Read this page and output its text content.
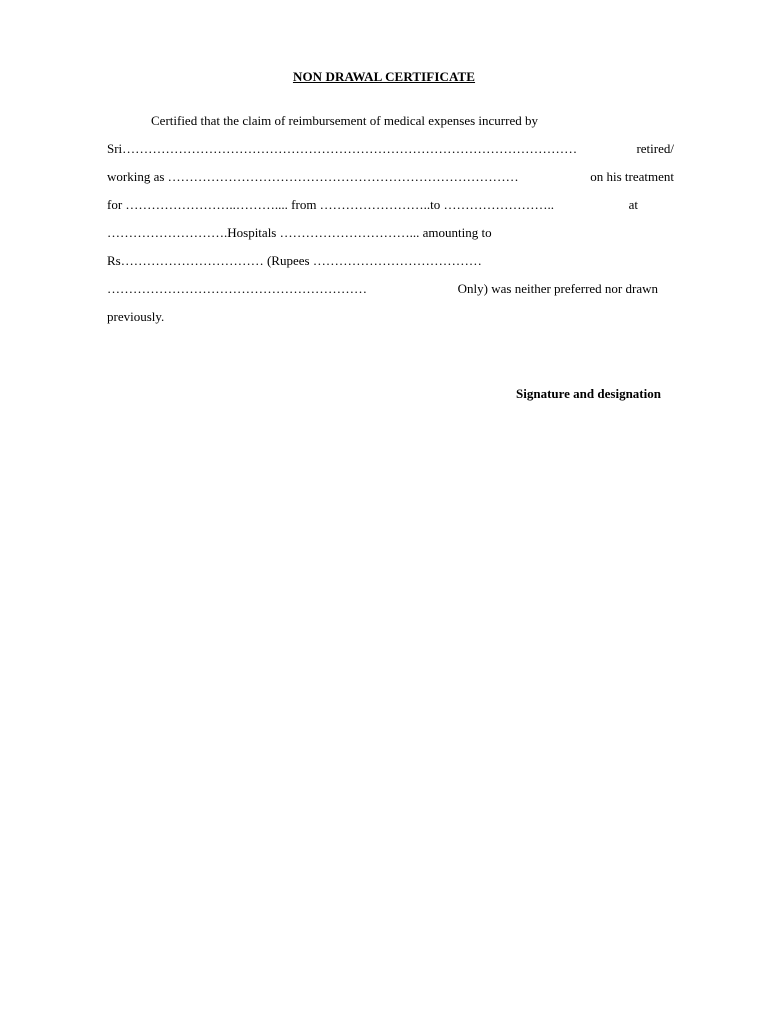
NON DRAWAL CERTIFICATE
Certified that the claim of reimbursement of medical expenses incurred by
Sri……………………………………………………………………………………………	retired/
working as ………………………………………………………………………	on his treatment
for ……………………..……….... from ……………………..to ……………………..	at
……………………….Hospitals …………………………... amounting to
Rs…………………………… (Rupees …………………………………
……………………………………………………	Only) was neither preferred nor drawn
previously.
Signature and designation
